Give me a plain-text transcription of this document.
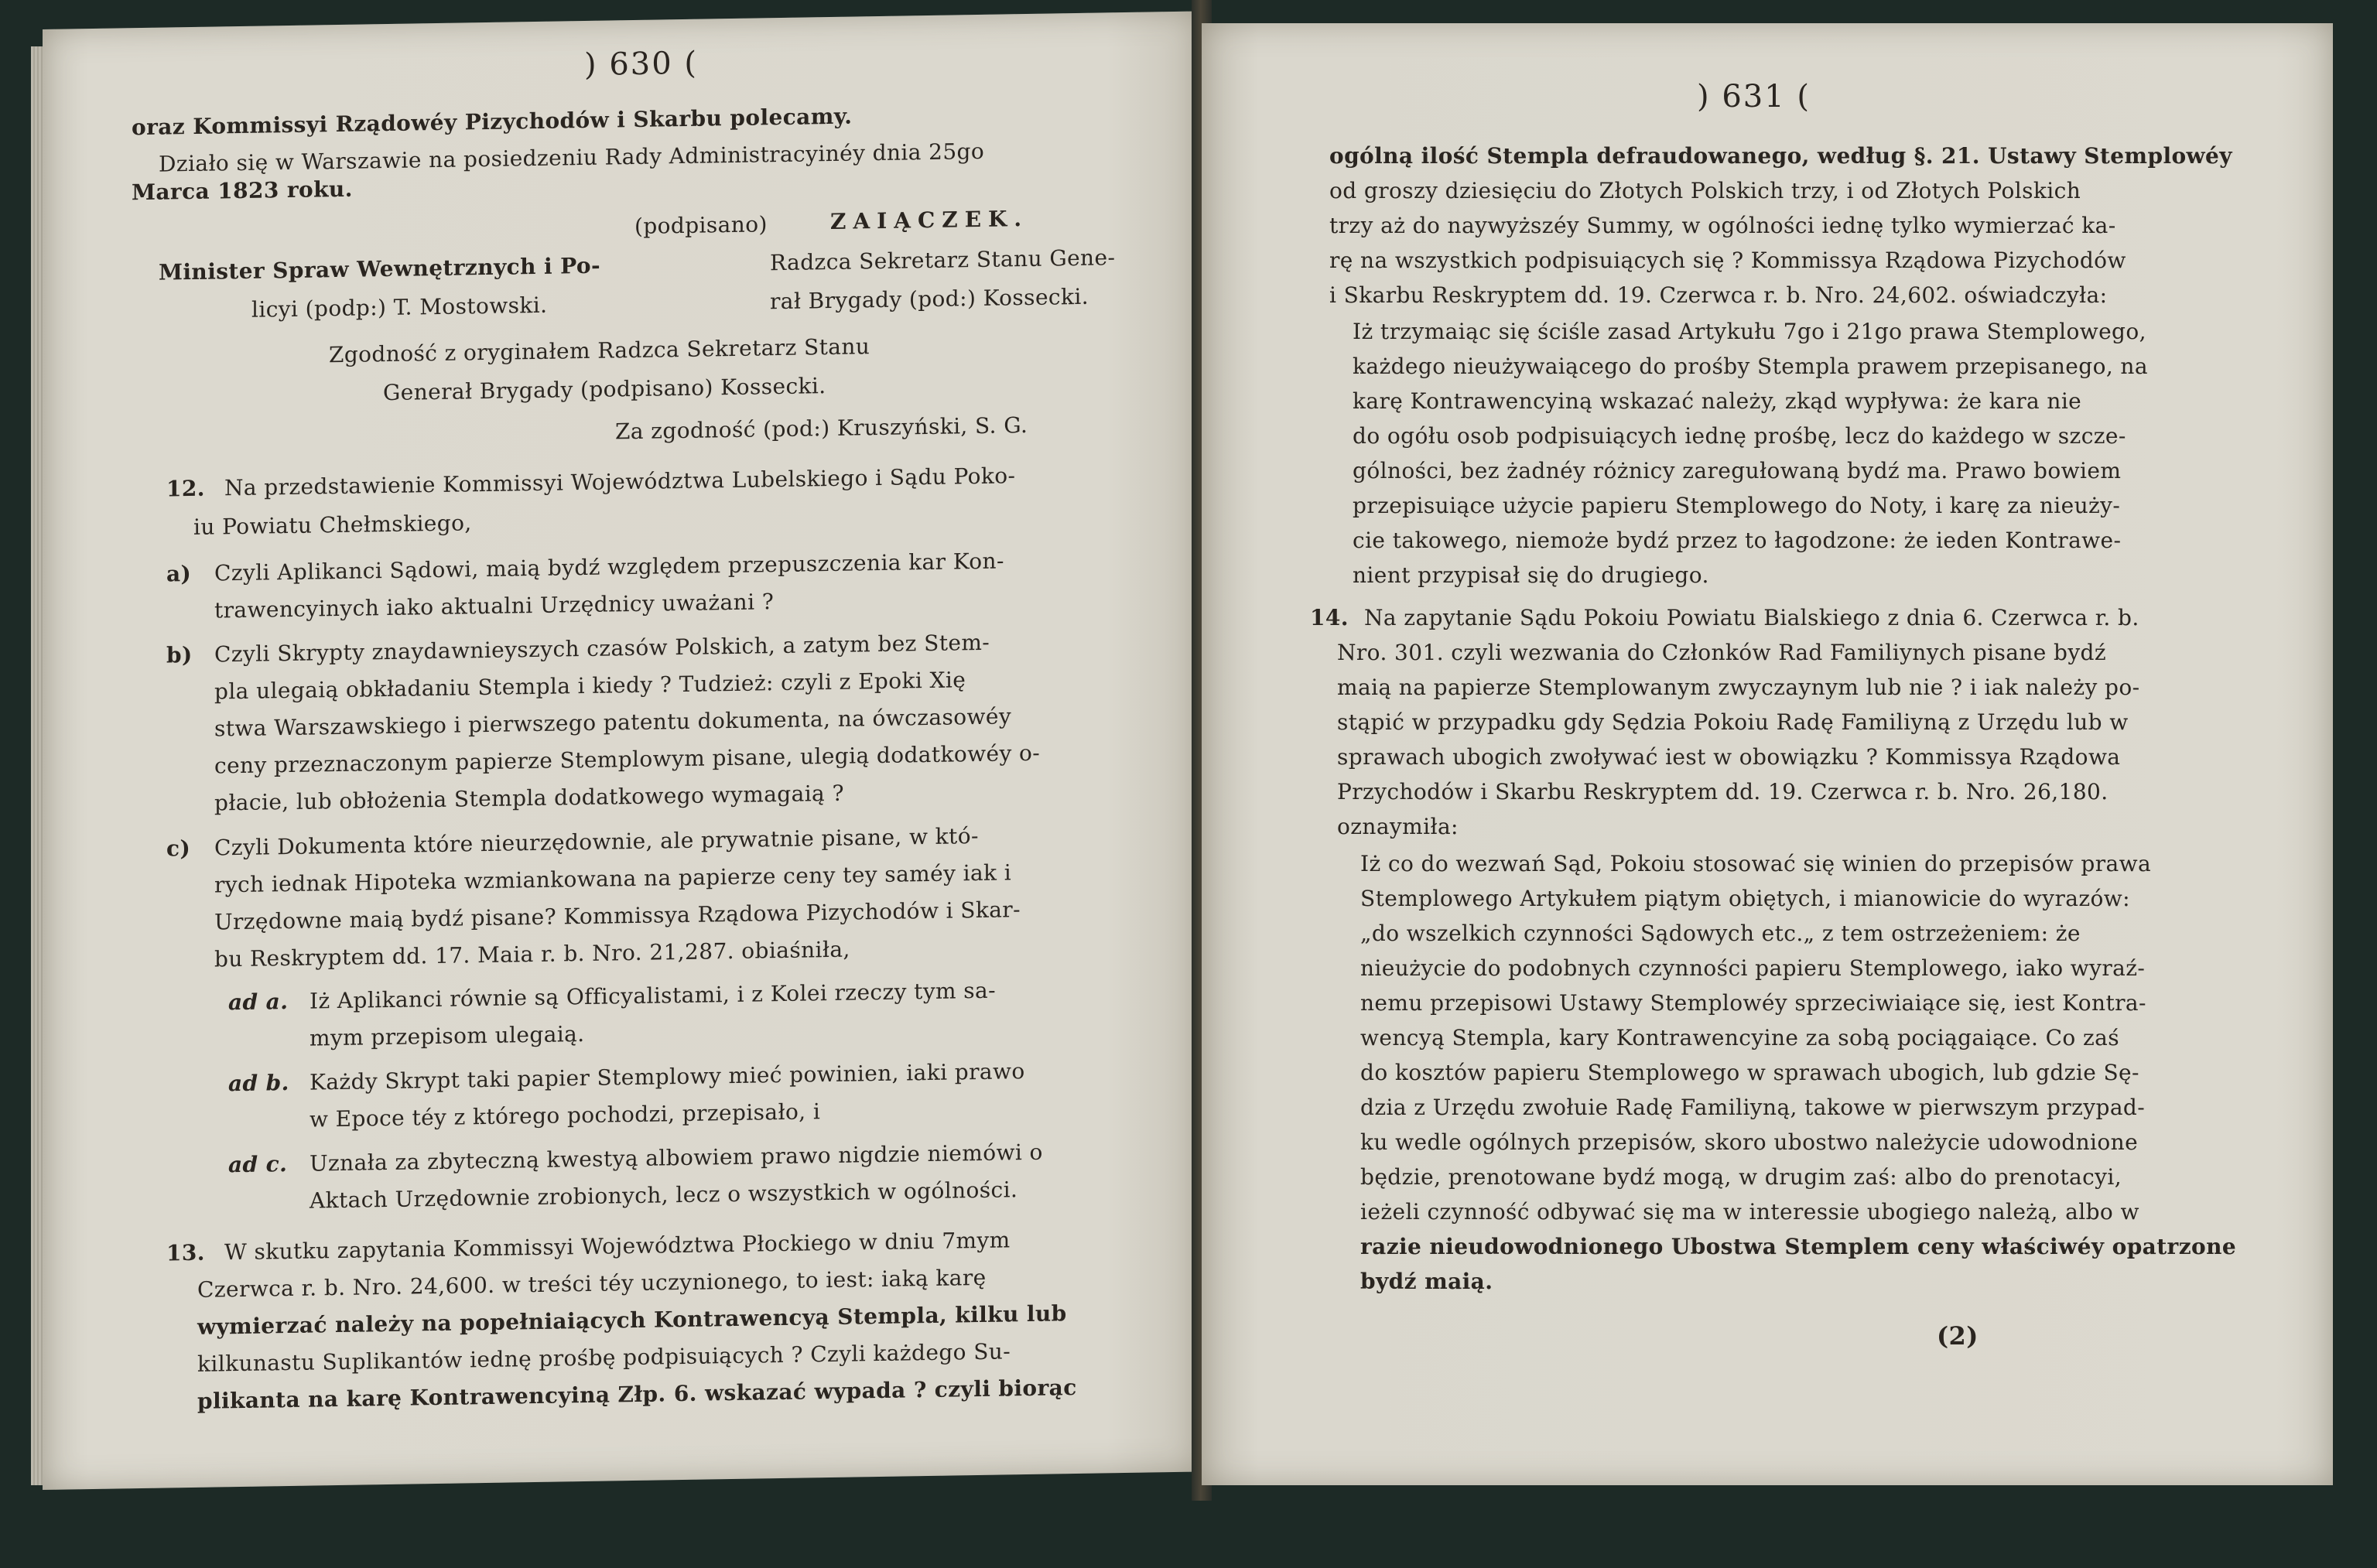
) 630 (
oraz Kommissyi Rządowéy Pizychodów i Skarbu polecamy.
Działo się w Warszawie na posiedzeniu Rady Administracyinéy dnia 25go
Marca 1823 roku.
(podpisano)	ZAIĄCZEK.
Minister Spraw Wewnętrznych i Po-	Radzca Sekretarz Stanu Gene-
licyi (podp:) T. Mostowski.	rał Brygady (pod:) Kossecki.
Zgodność z oryginałem Radzca Sekretarz Stanu
Generał Brygady (podpisano) Kossecki.
Za zgodność (pod:) Kruszyński, S. G.
12. Na przedstawienie Kommissyi Województwa Lubelskiego i Sądu Poko-
iu Powiatu Chełmskiego,
a) Czyli Aplikanci Sądowi, maią bydź względem przepuszczenia kar Kon-
trawencyinych iako aktualni Urzędnicy uważani ?
b) Czyli Skrypty znaydawnieyszych czasów Polskich, a zatym bez Stem-
pla ulegaią obkładaniu Stempla i kiedy ? Tudzież: czyli z Epoki Xię
stwa Warszawskiego i pierwszego patentu dokumenta, na ówczasowéy
ceny przeznaczonym papierze Stemplowym pisane, ulegią dodatkowéy o-
płacie, lub obłożenia Stempla dodatkowego wymagaią ?
c) Czyli Dokumenta które nieurzędownie, ale prywatnie pisane, w któ-
rych iednak Hipoteka wzmiankowana na papierze ceny tey saméy iak i
Urzędowne maią bydź pisane? Kommissya Rządowa Pizychodów i Skar-
bu Reskryptem dd. 17. Maia r. b. Nro. 21,287. obiaśniła,
ad a. Iż Aplikanci równie są Officyalistami, i z Kolei rzeczy tym sa-
mym przepisom ulegaią.
ad b. Każdy Skrypt taki papier Stemplowy mieć powinien, iaki prawo
w Epoce téy z którego pochodzi, przepisało, i
ad c. Uznała za zbyteczną kwestyą albowiem prawo nigdzie niemówi o
Aktach Urzędownie zrobionych, lecz o wszystkich w ogólności.
13. W skutku zapytania Kommissyi Województwa Płockiego w dniu 7mym
Czerwca r. b. Nro. 24,600. w treści téy uczynionego, to iest: iaką karę
wymierzać należy na popełniaiących Kontrawencyą Stempla, kilku lub
kilkunastu Suplikantów iednę prośbę podpisuiących ? Czyli każdego Su-
plikanta na karę Kontrawencyiną Złp. 6. wskazać wypada ? czyli biorąc
) 631 (
ogólną ilość Stempla defraudowanego, według §. 21. Ustawy Stemplowéy
od groszy dziesięciu do Złotych Polskich trzy, i od Złotych Polskich
trzy aż do naywyższéy Summy, w ogólności iednę tylko wymierzać ka-
rę na wszystkich podpisuiących się ? Kommissya Rządowa Pizychodów
i Skarbu Reskryptem dd. 19. Czerwca r. b. Nro. 24,602. oświadczyła:
Iż trzymaiąc się ściśle zasad Artykułu 7go i 21go prawa Stemplowego,
każdego nieużywaiącego do prośby Stempla prawem przepisanego, na
karę Kontrawencyiną wskazać należy, zkąd wypływa: że kara nie
do ogółu osob podpisuiących iednę prośbę, lecz do każdego w szcze-
gólności, bez żadnéy różnicy zaregułowaną bydź ma. Prawo bowiem
przepisuiące użycie papieru Stemplowego do Noty, i karę za nieuży-
cie takowego, niemoże bydź przez to łagodzone: że ieden Kontrawe-
nient przypisał się do drugiego.
14. Na zapytanie Sądu Pokoiu Powiatu Bialskiego z dnia 6. Czerwca r. b.
Nro. 301. czyli wezwania do Członków Rad Familiynych pisane bydź
maią na papierze Stemplowanym zwyczaynym lub nie ? i iak należy po-
stąpić w przypadku gdy Sędzia Pokoiu Radę Familiyną z Urzędu lub w
sprawach ubogich zwoływać iest w obowiązku ? Kommissya Rządowa
Przychodów i Skarbu Reskryptem dd. 19. Czerwca r. b. Nro. 26,180.
oznaymiła:
Iż co do wezwań Sąd, Pokoiu stosować się winien do przepisów prawa
Stemplowego Artykułem piątym obiętych, i mianowicie do wyrazów:
„do wszelkich czynności Sądowych etc.„ z tem ostrzeżeniem: że
nieużycie do podobnych czynności papieru Stemplowego, iako wyraź-
nemu przepisowi Ustawy Stemplowéy sprzeciwiaiące się, iest Kontra-
wencyą Stempla, kary Kontrawencyine za sobą pociągaiące. Co zaś
do kosztów papieru Stemplowego w sprawach ubogich, lub gdzie Sę-
dzia z Urzędu zwołuie Radę Familiyną, takowe w pierwszym przypad-
ku wedle ogólnych przepisów, skoro ubostwo należycie udowodnione
będzie, prenotowane bydź mogą, w drugim zaś: albo do prenotacyi,
ieżeli czynność odbywać się ma w interessie ubogiego należą, albo w
razie nieudowodnionego Ubostwa Stemplem ceny właściwéy opatrzone
bydź maią.
(2)
